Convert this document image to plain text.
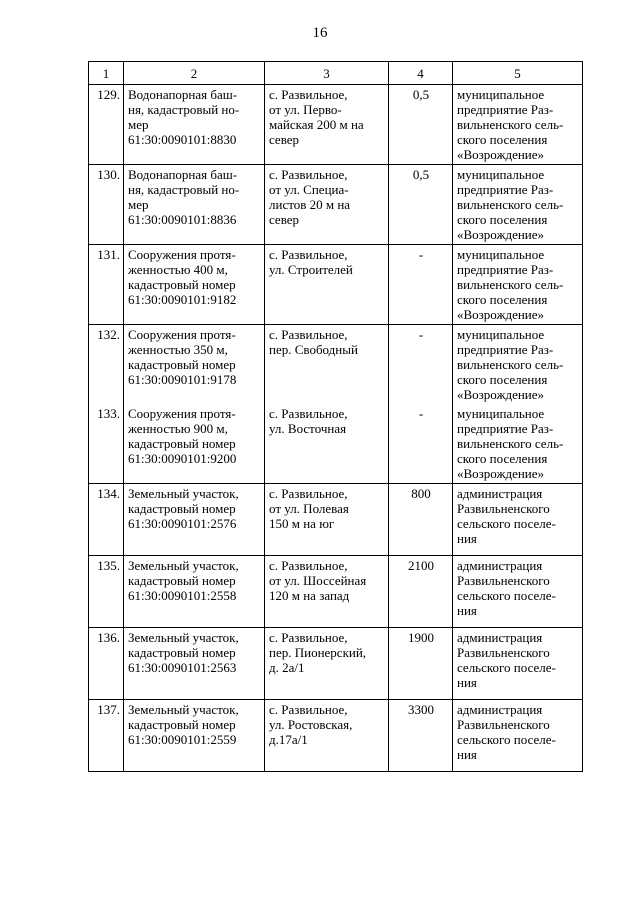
16
1	2	3	4	5

129.	Водонапорная баш-
ня, кадастровый но-
мер
61:30:0090101:8830	с. Развильное,
от ул. Перво-
майская 200 м на
север	0,5	муниципальное
предприятие Раз-
вильненского сель-
ского поселения
«Возрождение»

130.	Водонапорная баш-
ня, кадастровый но-
мер
61:30:0090101:8836	с. Развильное,
от ул. Специа-
листов 20 м на
север	0,5	муниципальное
предприятие Раз-
вильненского сель-
ского поселения
«Возрождение»

131.	Сооружения протя-
женностью 400 м,
кадастровый номер
61:30:0090101:9182	с. Развильное,
ул. Строителей	-	муниципальное
предприятие Раз-
вильненского сель-
ского поселения
«Возрождение»

132.	Сооружения протя-
женностью 350 м,
кадастровый номер
61:30:0090101:9178	с. Развильное,
пер. Свободный	-	муниципальное
предприятие Раз-
вильненского сель-
ского поселения
«Возрождение»

133.	Сооружения протя-
женностью 900 м,
кадастровый номер
61:30:0090101:9200	с. Развильное,
ул. Восточная	-	муниципальное
предприятие Раз-
вильненского сель-
ского поселения
«Возрождение»

134.	Земельный участок,
кадастровый номер
61:30:0090101:2576	с. Развильное,
от ул. Полевая
150 м на юг	800	администрация
Развильненского
сельского поселе-
ния

135.	Земельный участок,
кадастровый номер
61:30:0090101:2558	с. Развильное,
от ул. Шоссейная
120 м на запад	2100	администрация
Развильненского
сельского поселе-
ния

136.	Земельный участок,
кадастровый номер
61:30:0090101:2563	с. Развильное,
пер. Пионерский,
д. 2а/1	1900	администрация
Развильненского
сельского поселе-
ния

137.	Земельный участок,
кадастровый номер
61:30:0090101:2559	с. Развильное,
ул. Ростовская,
д.17а/1	3300	администрация
Развильненского
сельского поселе-
ния
